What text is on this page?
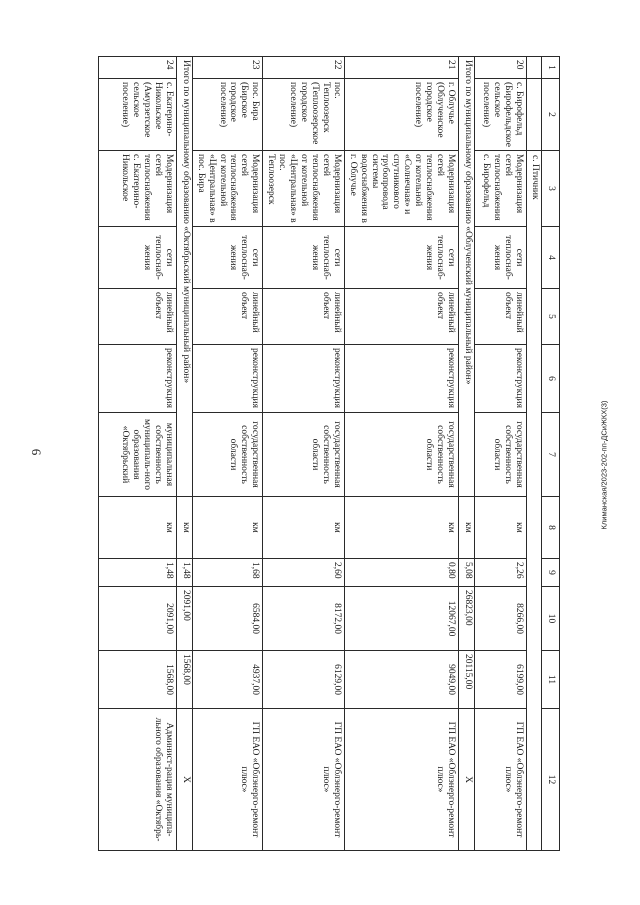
6	Климанская/2023-202-пп-ДСиЖКХ(3)
1	2	3	4	5	6	7	8	9	10	11	12
		с. Птичник									
20	с. Бирофельд (Бирофельдское сельское поселение)	Модернизация сетей теплоснабжения с. Бирофельд	сети теплоснаб-жения	линейный объект	реконструкция	государственная собственность области	км	2,26	8266,00	6199,00	ГП ЕАО «Облэнерго-ремонт плюс»
Итого по муниципальному образованию «Облученский муниципальный район»							км	5,08	26823,00	20115,00	Х
21	г. Облучье (Облученское городское поселение)	Модернизация сетей теплоснабжения от котельной «Солнечная» и спутникового трубопровода системы водоснабжения в г. Облучье	сети теплоснаб-жения	линейный объект	реконструкция	государственная собственность области	км	0,80	12067,00	9049,00	ГП ЕАО «Облэнерго-ремонт плюс»
22	пос. Теплоозерск (Теплоозерское городское поселение)	Модернизация сетей теплоснабжения от котельной «Центральная» в пос. Теплоозерск	сети теплоснаб-жения	линейный объект	реконструкция	государственная собственность области	км	2,60	8172,00	6129,00	ГП ЕАО «Облэнерго-ремонт плюс»
23	пос. Бира (Бирское городское поселение)	Модернизация сетей теплоснабжения от котельной «Центральная» в пос. Бира	сети теплоснаб-жения	линейный объект	реконструкция	государственная собственность области	км	1,68	6584,00	4937,00	ГП ЕАО «Облэнерго-ремонт плюс»
Итого по муниципальному образованию «Октябрьский муниципальный район»							км	1,48	2091,00	1568,00	Х
24	с. Екатерино-Никольское (Амурзетское сельское поселение)	Модернизация сетей теплоснабжения с. Екатерино-Никольское	сети теплоснаб-жения	линейный объект	реконструкция	муниципальная собственность муниципаль-ного образования «Октябрьский	км	1,48	2091,00	1568,00	Админист-рация муниципа-льного образования «Октябрь-
